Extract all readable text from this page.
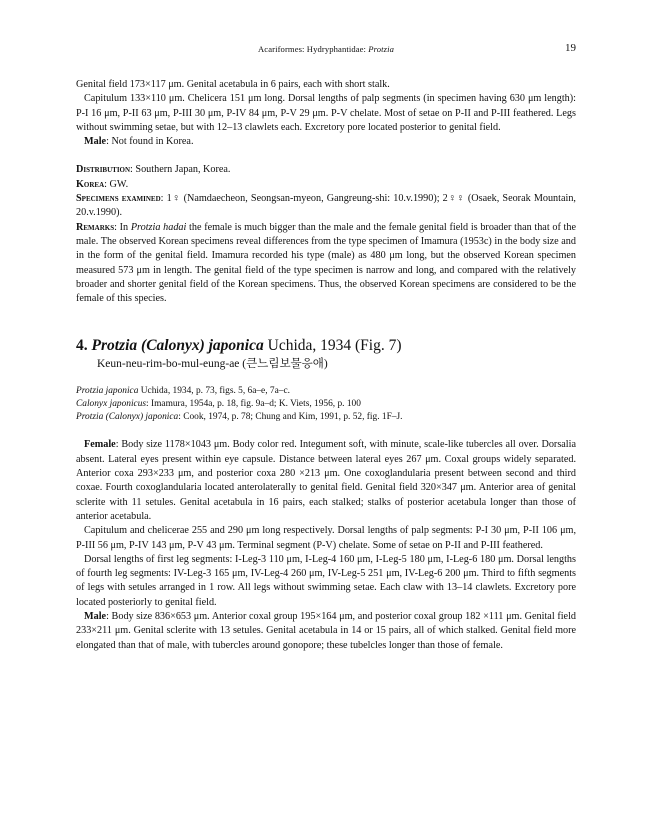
Acariformes: Hydryphantidae: Protzia	19

Genital field 173×117 μm. Genital acetabula in 6 pairs, each with short stalk.

Capitulum 133×110 μm. Chelicera 151 μm long. Dorsal lengths of palp segments (in specimen having 630 μm length): P-I 16 μm, P-II 63 μm, P-III 30 μm, P-IV 84 μm, P-V 29 μm. P-V chelate. Most of setae on P-II and P-III feathered. Legs without swimming setae, but with 12–13 clawlets each. Excretory pore located posterior to genital field.

Male: Not found in Korea.

Distribution: Southern Japan, Korea.

Korea: GW.

Specimens examined: 1♀ (Namdaecheon, Seongsan-myeon, Gangreung-shi: 10.v.1990); 2♀♀ (Osaek, Seorak Mountain, 20.v.1990).

Remarks: In Protzia hadai the female is much bigger than the male and the female genital field is broader than that of the male. The observed Korean specimens reveal differences from the type specimen of Imamura (1953c) in the body size and in the form of the genital field. Imamura recorded his type (male) as 480 μm long, but the observed Korean specimen measured 573 μm in length. The genital field of the type specimen is narrow and long, and compared with the relatively broader and shorter genital field of the Korean specimens. Thus, the observed Korean specimens are considered to be the female of this species.

4. Protzia (Calonyx) japonica Uchida, 1934 (Fig. 7)

Keun-neu-rim-bo-mul-eung-ae (큰느림보물응애)

Protzia japonica Uchida, 1934, p. 73, figs. 5, 6a–e, 7a–c.

Calonyx japonicus: Imamura, 1954a, p. 18, fig. 9a–d; K. Viets, 1956, p. 100

Protzia (Calonyx) japonica: Cook, 1974, p. 78; Chung and Kim, 1991, p. 52, fig. 1F–J.

Female: Body size 1178×1043 μm. Body color red. Integument soft, with minute, scale-like tubercles all over. Dorsalia absent. Lateral eyes present within eye capsule. Distance between lateral eyes 267 μm. Coxal groups widely separated. Anterior coxa 293×233 μm, and posterior coxa 280 ×213 μm. One coxoglandularia present between second and third coxae. Fourth coxoglandularia located anterolaterally to genital field. Genital field 320×347 μm. Anterior area of genital sclerite with 11 setules. Genital acetabula in 16 pairs, each stalked; stalks of posterior acetabula longer than those of anterior acetabula.

Capitulum and chelicerae 255 and 290 μm long respectively. Dorsal lengths of palp segments: P-I 30 μm, P-II 106 μm, P-III 56 μm, P-IV 143 μm, P-V 43 μm. Terminal segment (P-V) chelate. Some of setae on P-II and P-III feathered.

Dorsal lengths of first leg segments: I-Leg-3 110 μm, I-Leg-4 160 μm, I-Leg-5 180 μm, I-Leg-6 180 μm. Dorsal lengths of fourth leg segments: IV-Leg-3 165 μm, IV-Leg-4 260 μm, IV-Leg-5 251 μm, IV-Leg-6 200 μm. Third to fifth segments of legs with setules arranged in 1 row. All legs without swimming setae. Each claw with 13–14 clawlets. Excretory pore located posteriorly to genital field.

Male: Body size 836×653 μm. Anterior coxal group 195×164 μm, and posterior coxal group 182 ×111 μm. Genital field 233×211 μm. Genital sclerite with 13 setules. Genital acetabula in 14 or 15 pairs, all of which stalked. Genital field more elongated than that of male, with tubercles around gonopore; these tubelcles longer than those of female.
